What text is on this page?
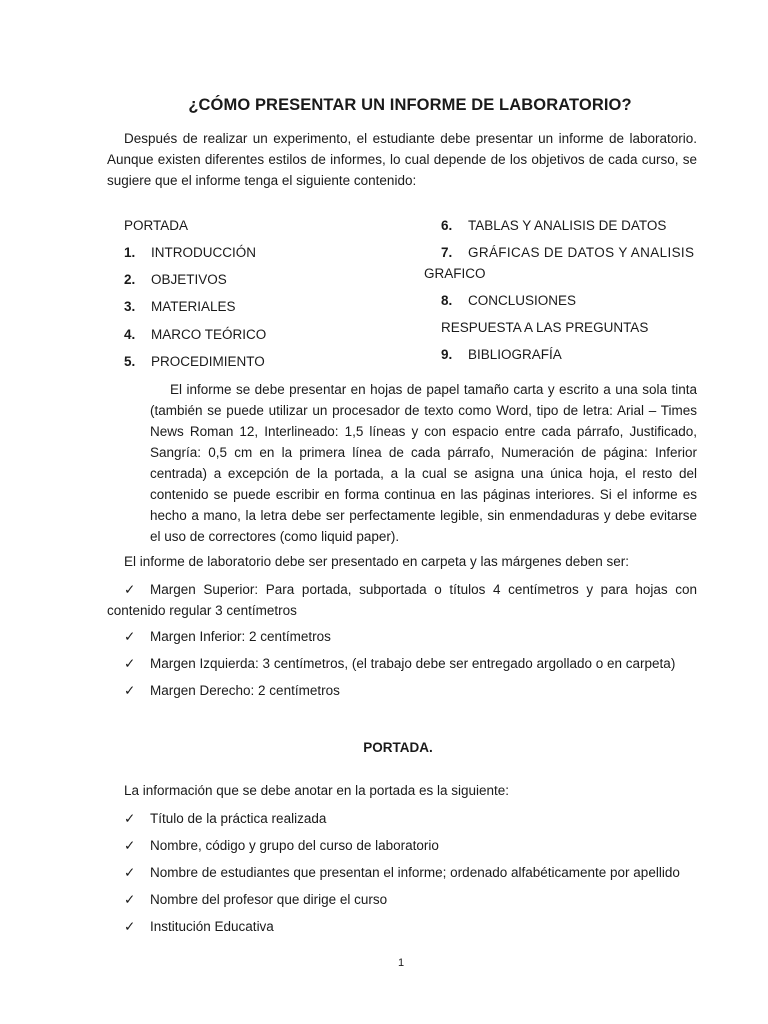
¿CÓMO PRESENTAR UN INFORME DE LABORATORIO?
Después de realizar un experimento, el estudiante debe presentar un informe de laboratorio. Aunque existen diferentes estilos de informes, lo cual depende de los objetivos de cada curso, se sugiere que el informe tenga el siguiente contenido:
PORTADA
1. INTRODUCCIÓN
2. OBJETIVOS
3. MATERIALES
4. MARCO TEÓRICO
5. PROCEDIMIENTO
6. TABLAS Y ANALISIS DE DATOS
7. GRÁFICAS DE DATOS Y ANALISIS
GRAFICO
8. CONCLUSIONES
RESPUESTA A LAS PREGUNTAS
9. BIBLIOGRAFÍA
El informe se debe presentar en hojas de papel tamaño carta y escrito a una sola tinta (también se puede utilizar un procesador de texto como Word, tipo de letra: Arial – Times News Roman 12, Interlineado: 1,5 líneas y con espacio entre cada párrafo, Justificado, Sangría: 0,5 cm en la primera línea de cada párrafo, Numeración de página: Inferior centrada) a excepción de la portada, a la cual se asigna una única hoja, el resto del contenido se puede escribir en forma continua en las páginas interiores. Si el informe es hecho a mano, la letra debe ser perfectamente legible, sin enmendaduras y debe evitarse el uso de correctores (como liquid paper).
El informe de laboratorio debe ser presentado en carpeta y las márgenes deben ser:
✓ Margen Superior: Para portada, subportada o títulos 4 centímetros y para hojas con contenido regular 3 centímetros
✓ Margen Inferior: 2 centímetros
✓ Margen Izquierda: 3 centímetros, (el trabajo debe ser entregado argollado o en carpeta)
✓ Margen Derecho: 2 centímetros
PORTADA.
La información que se debe anotar en la portada es la siguiente:
✓ Título de la práctica realizada
✓ Nombre, código y grupo del curso de laboratorio
✓ Nombre de estudiantes que presentan el informe; ordenado alfabéticamente por apellido
✓ Nombre del profesor que dirige el curso
✓ Institución Educativa
1
